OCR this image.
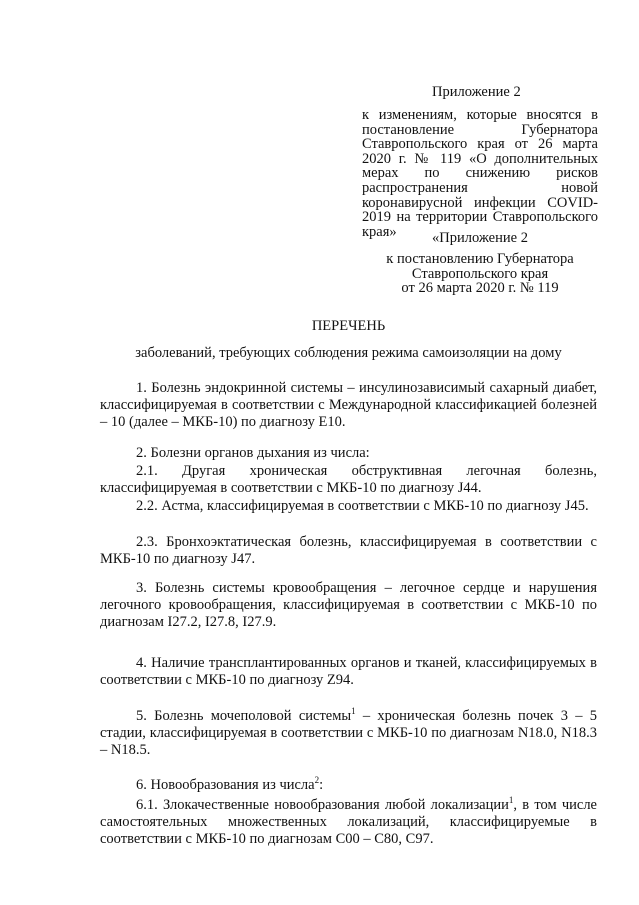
Приложение 2

к изменениям, которые вносятся в постановление Губернатора Ставропольского края от 26 марта 2020 г. № 119 «О дополнительных мерах по снижению рисков распространения новой коронавирусной инфекции COVID-2019 на территории Ставропольского края»	«Приложение 2

к постановлению Губернатора
Ставропольского края
от 26 марта 2020 г. № 119

ПЕРЕЧЕНЬ

заболеваний, требующих соблюдения режима самоизоляции на дому

1. Болезнь эндокринной системы – инсулинозависимый сахарный диабет, классифицируемая в соответствии с Международной классификацией болезней – 10 (далее – МКБ-10) по диагнозу E10.

2. Болезни органов дыхания из числа:

2.1. Другая хроническая обструктивная легочная болезнь, классифицируемая в соответствии с МКБ-10 по диагнозу J44.

2.2. Астма, классифицируемая в соответствии с МКБ-10 по диагнозу J45.

2.3. Бронхоэктатическая болезнь, классифицируемая в соответствии с МКБ-10 по диагнозу J47.

3. Болезнь системы кровообращения – легочное сердце и нарушения легочного кровообращения, классифицируемая в соответствии с МКБ-10 по диагнозам I27.2, I27.8, I27.9.

4. Наличие трансплантированных органов и тканей, классифицируемых в соответствии с МКБ-10 по диагнозу Z94.

5. Болезнь мочеполовой системы$^1$ – хроническая болезнь почек 3 – 5 стадии, классифицируемая в соответствии с МКБ-10 по диагнозам N18.0, N18.3 – N18.5.

6. Новообразования из числа$^2$:

6.1. Злокачественные новообразования любой локализации$^1$, в том числе самостоятельных множественных локализаций, классифицируемые в соответствии с МКБ-10 по диагнозам C00 – C80, C97.
